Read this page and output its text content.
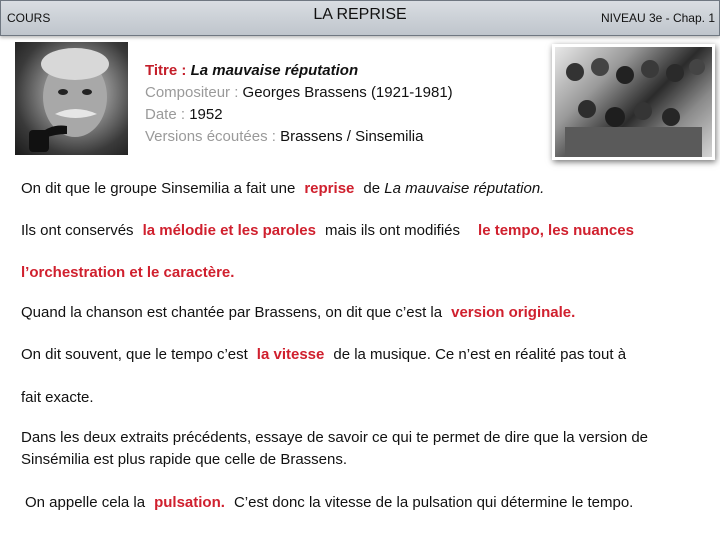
COURS	LA REPRISE	NIVEAU 3e - Chap. 1
Titre : La mauvaise réputation
Compositeur : Georges Brassens (1921-1981)
Date : 1952
Versions écoutées : Brassens / Sinsemilia
On dit que le groupe Sinsemilia a fait une reprise de La mauvaise réputation.
Ils ont conservés la mélodie et les paroles mais ils ont modifiés le tempo, les nuances
l’orchestration et le caractère.
Quand la chanson est chantée par Brassens, on dit que c’est la version originale.
On dit souvent, que le tempo c’est la vitesse de la musique. Ce n’est en réalité pas tout à
fait exacte.
Dans les deux extraits précédents, essaye de savoir ce qui te permet de dire que la version de
Sinsémilia est plus rapide que celle de Brassens.
On appelle cela la pulsation. C’est donc la vitesse de la pulsation qui détermine le tempo.
